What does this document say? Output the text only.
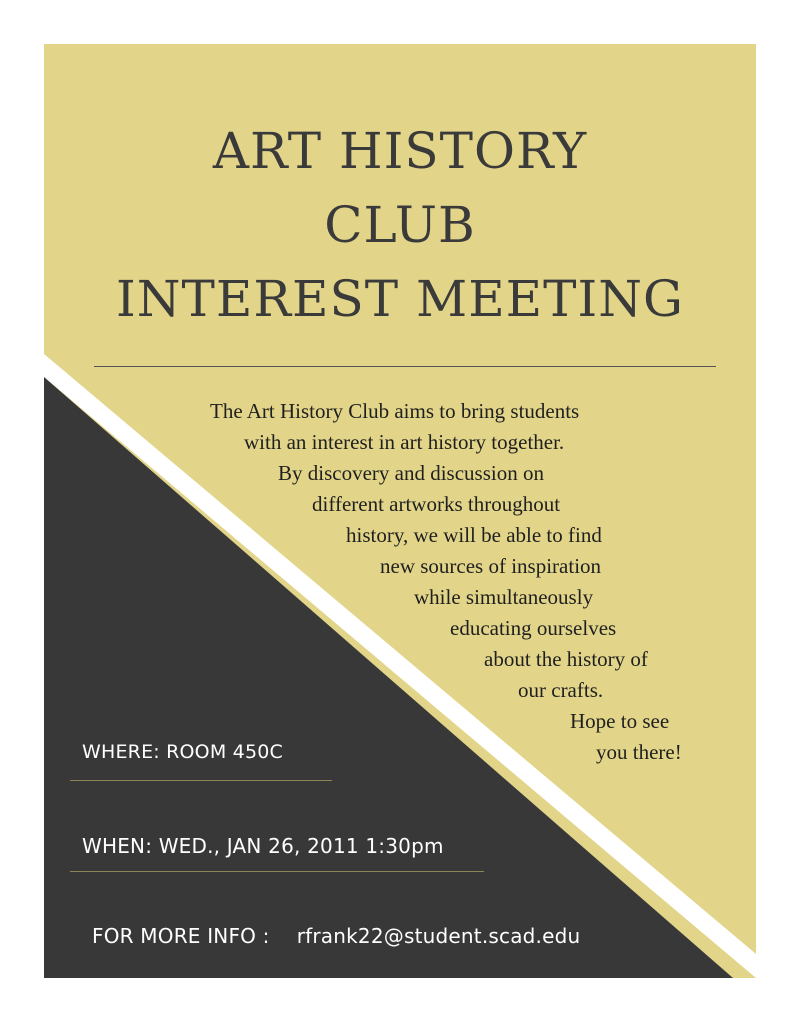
ART HISTORY
CLUB
INTEREST MEETING
The Art History Club aims to bring students
with an interest in art history together.
By discovery and discussion on
different artworks throughout
history, we will be able to find
new sources of inspiration
while simultaneously
educating ourselves
about the history of
our crafts.
Hope to see
you there!
WHERE: ROOM 450C
WHEN: WED., JAN 26, 2011 1:30pm
FOR MORE INFO : rfrank22@student.scad.edu
